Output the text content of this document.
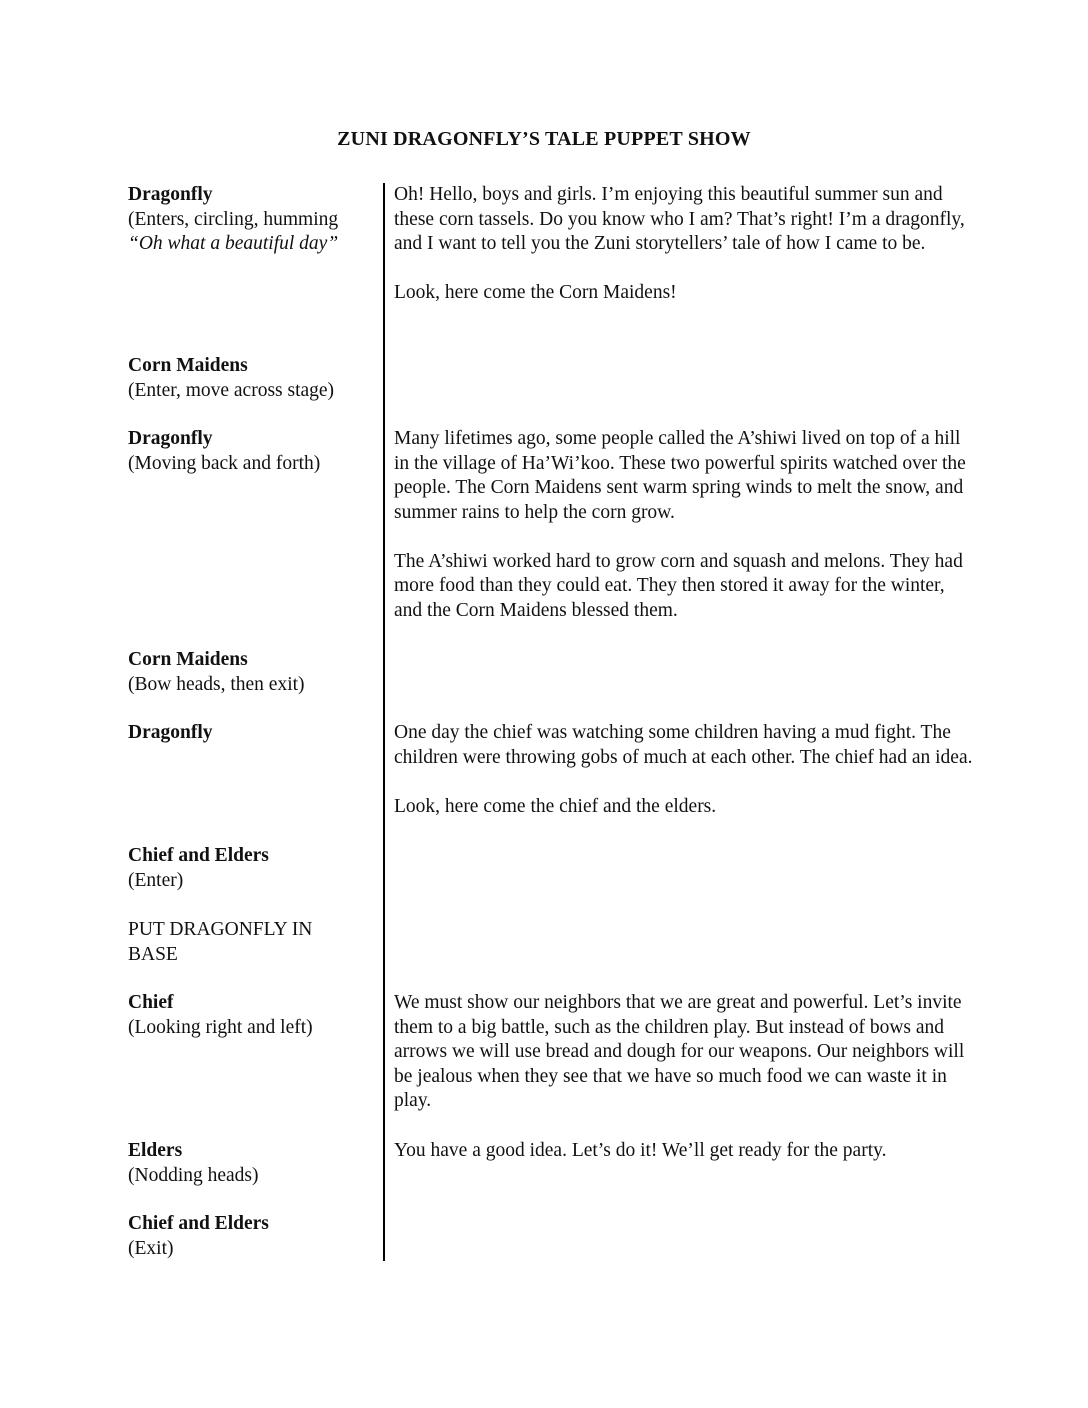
ZUNI DRAGONFLY’S TALE PUPPET SHOW
Dragonfly
(Enters, circling, humming
“Oh what a beautiful day”

Oh! Hello, boys and girls. I’m enjoying this beautiful summer sun and these corn tassels. Do you know who I am? That’s right! I’m a dragonfly, and I want to tell you the Zuni storytellers’ tale of how I came to be.

Look, here come the Corn Maidens!

Corn Maidens
(Enter, move across stage)
Dragonfly
(Moving back and forth)

Many lifetimes ago, some people called the A’shiwi lived on top of a hill in the village of Ha’Wi’koo. These two powerful spirits watched over the people. The Corn Maidens sent warm spring winds to melt the snow, and summer rains to help the corn grow.

The A’shiwi worked hard to grow corn and squash and melons. They had more food than they could eat. They then stored it away for the winter, and the Corn Maidens blessed them.

Corn Maidens
(Bow heads, then exit)
Dragonfly	One day the chief was watching some children having a mud fight. The children were throwing gobs of much at each other. The chief had an idea.

Look, here come the chief and the elders.

Chief and Elders
(Enter)
PUT DRAGONFLY IN BASE
Chief
(Looking right and left)

We must show our neighbors that we are great and powerful. Let’s invite them to a big battle, such as the children play. But instead of bows and arrows we will use bread and dough for our weapons. Our neighbors will be jealous when they see that we have so much food we can waste it in play.

Elders
(Nodding heads)

You have a good idea. Let’s do it! We’ll get ready for the party.

Chief and Elders
(Exit)
